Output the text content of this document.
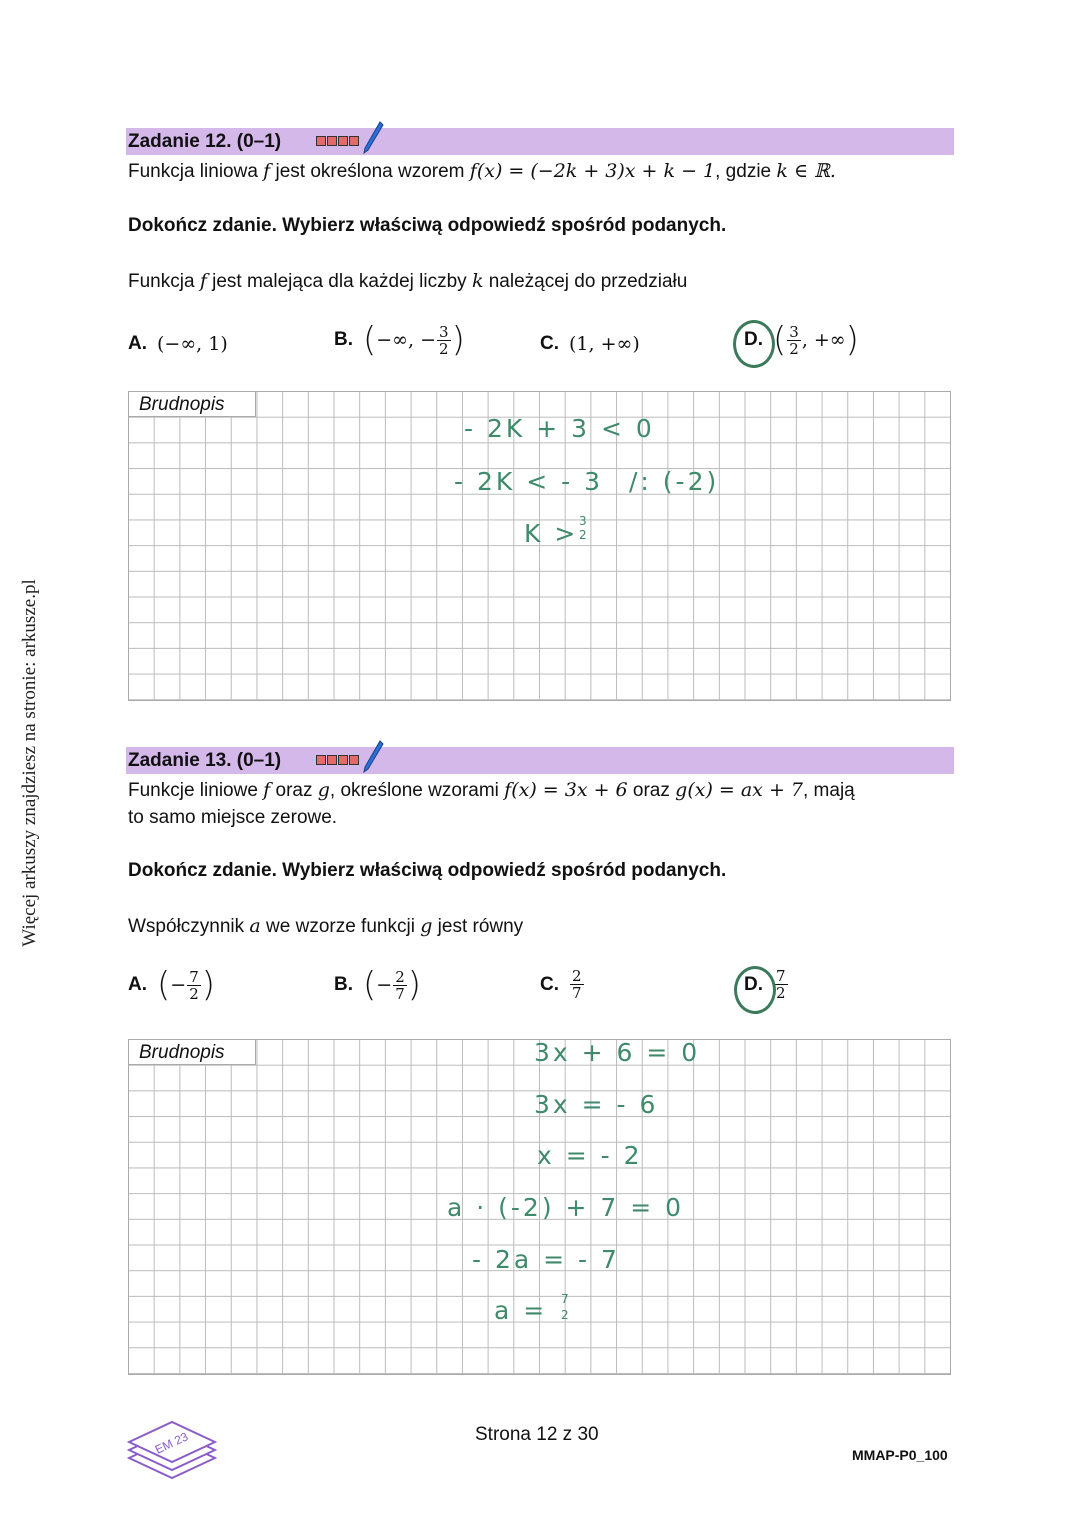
Więcej arkuszy znajdziesz na stronie: arkusze.pl
Zadanie 12. (0–1)
Funkcja liniowa f jest określona wzorem f(x) = (−2k + 3)x + k − 1, gdzie k ∈ ℝ.
Dokończ zdanie. Wybierz właściwą odpowiedź spośród podanych.
Funkcja f jest malejąca dla każdej liczby k należącej do przedziału
A. (−∞, 1)	B. ( −∞, − $\frac{3}{2}$ )	C. (1, +∞)	D. ( $\frac{3}{2}$ , +∞ )
Brudnopis
- 2K + 3 < 0
- 2K < - 3 /: (-2)
K > 3
2
Zadanie 13. (0–1)
Funkcje liniowe f oraz g, określone wzorami f(x) = 3x + 6 oraz g(x) = ax + 7, mają
to samo miejsce zerowe.
Dokończ zdanie. Wybierz właściwą odpowiedź spośród podanych.
Współczynnik a we wzorze funkcji g jest równy
A. ( − $\frac{7}{2}$ )	B. ( − $\frac{2}{7}$ )	C. $\frac{2}{7}$	D. $\frac{7}{2}$
Brudnopis	3x + 6 = 0
3x = - 6
x = - 2
a · (-2) + 7 = 0
- 2a = - 7
a = 7
2
EM 23	Strona 12 z 30
MMAP-P0_100
